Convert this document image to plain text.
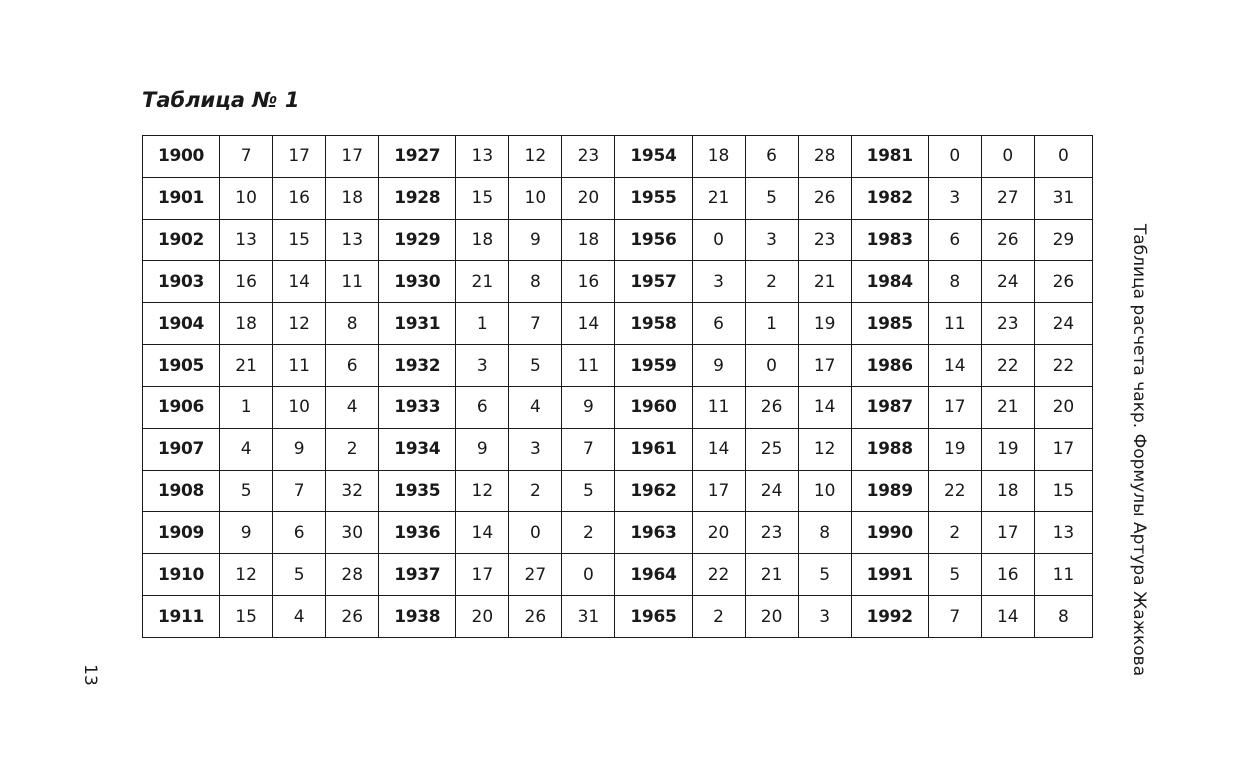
Таблица № 1
1900	7	17	17	1927	13	12	23	1954	18	6	28	1981	0	0	0
1901	10	16	18	1928	15	10	20	1955	21	5	26	1982	3	27	31
1902	13	15	13	1929	18	9	18	1956	0	3	23	1983	6	26	29
1903	16	14	11	1930	21	8	16	1957	3	2	21	1984	8	24	26
1904	18	12	8	1931	1	7	14	1958	6	1	19	1985	11	23	24
1905	21	11	6	1932	3	5	11	1959	9	0	17	1986	14	22	22
1906	1	10	4	1933	6	4	9	1960	11	26	14	1987	17	21	20
1907	4	9	2	1934	9	3	7	1961	14	25	12	1988	19	19	17
1908	5	7	32	1935	12	2	5	1962	17	24	10	1989	22	18	15
1909	9	6	30	1936	14	0	2	1963	20	23	8	1990	2	17	13
1910	12	5	28	1937	17	27	0	1964	22	21	5	1991	5	16	11
1911	15	4	26	1938	20	26	31	1965	2	20	3	1992	7	14	8	Таблица расчета чакр. Формулы Артура Жажкова
13
